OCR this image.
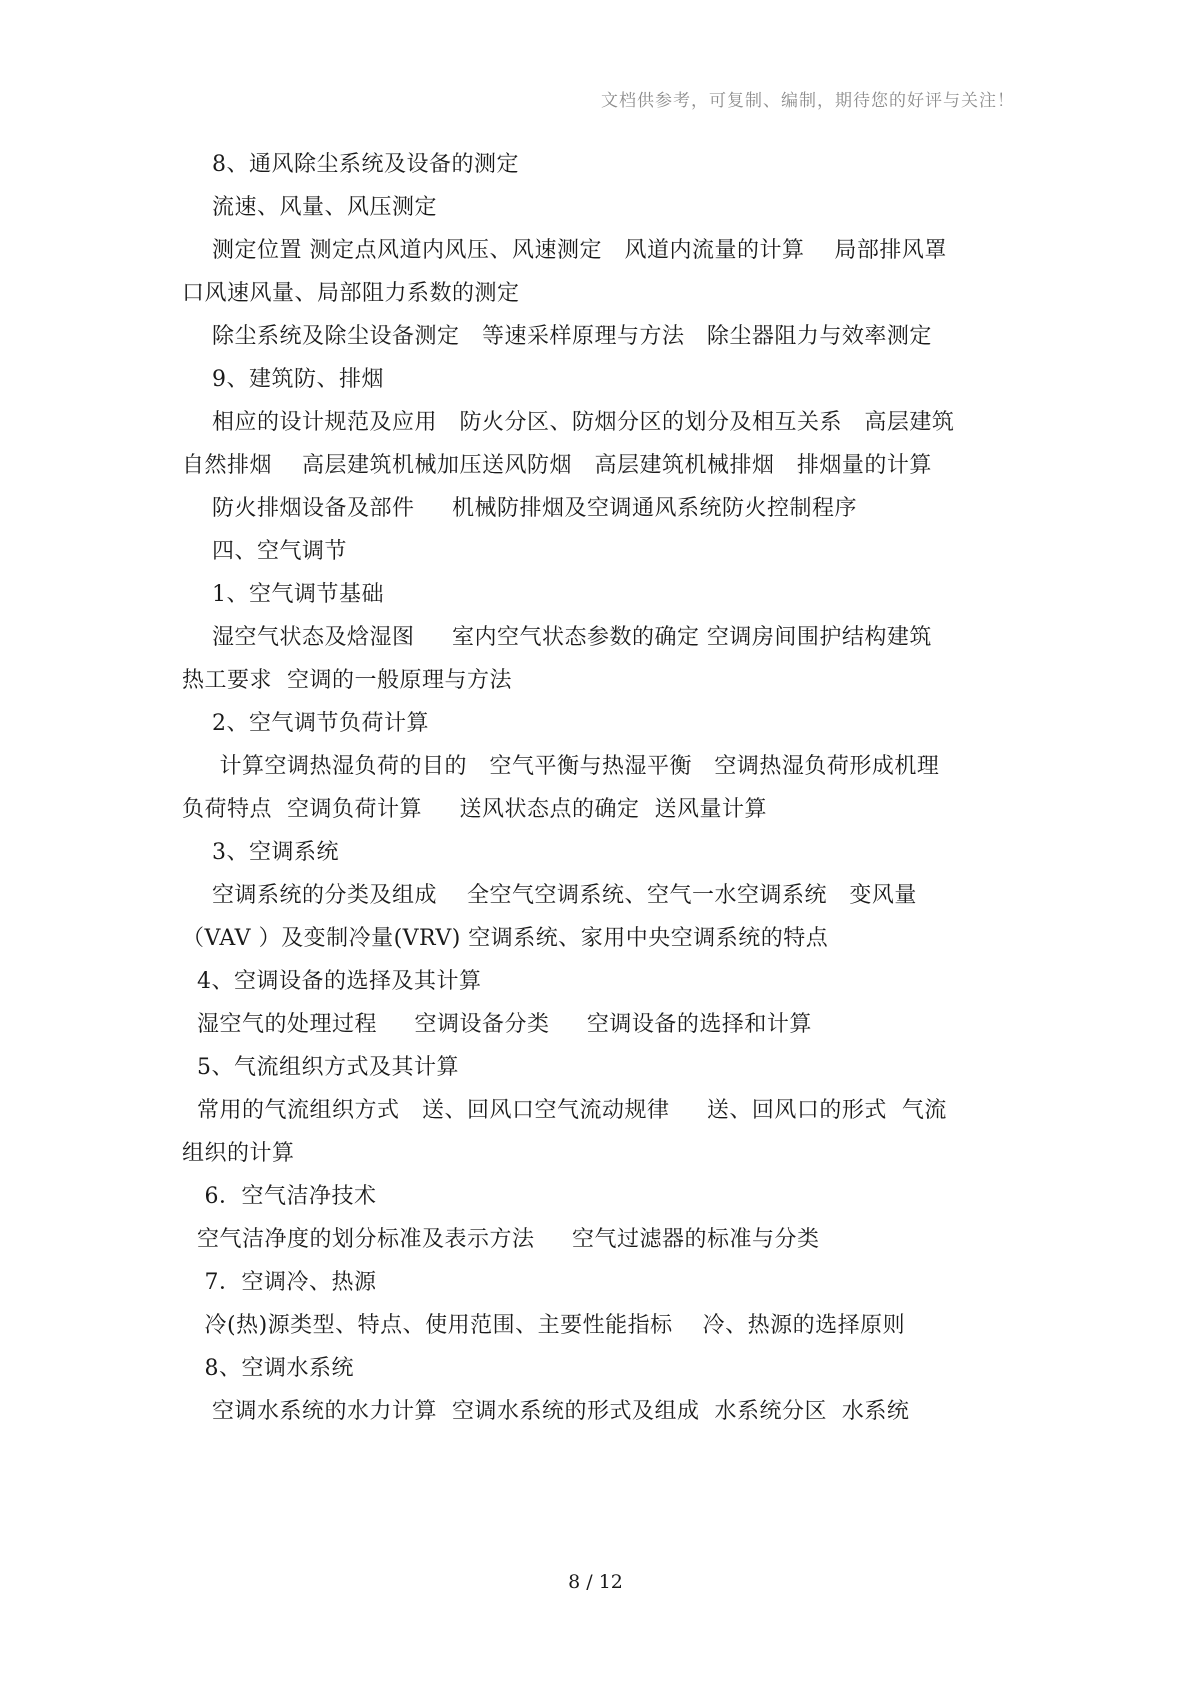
文档供参考，可复制、编制，期待您的好评与关注！
8、通风除尘系统及设备的测定
流速、风量、风压测定
测定位置 测定点风道内风压、风速测定   风道内流量的计算    局部排风罩
口风速风量、局部阻力系数的测定
除尘系统及除尘设备测定   等速采样原理与方法   除尘器阻力与效率测定
9、建筑防、排烟
相应的设计规范及应用   防火分区、防烟分区的划分及相互关系   高层建筑
自然排烟    高层建筑机械加压送风防烟   高层建筑机械排烟   排烟量的计算
防火排烟设备及部件     机械防排烟及空调通风系统防火控制程序
四、空气调节
1、空气调节基础
湿空气状态及焓湿图     室内空气状态参数的确定 空调房间围护结构建筑
热工要求  空调的一般原理与方法
2、空气调节负荷计算
计算空调热湿负荷的目的   空气平衡与热湿平衡   空调热湿负荷形成机理
负荷特点  空调负荷计算     送风状态点的确定  送风量计算
3、空调系统
空调系统的分类及组成    全空气空调系统、空气一水空调系统   变风量
（VAV ）及变制冷量(VRV) 空调系统、家用中央空调系统的特点
4、空调设备的选择及其计算
湿空气的处理过程     空调设备分类     空调设备的选择和计算
5、气流组织方式及其计算
常用的气流组织方式   送、回风口空气流动规律     送、回风口的形式  气流
组织的计算
6．空气洁净技术
空气洁净度的划分标准及表示方法     空气过滤器的标准与分类
7．空调冷、热源
冷(热)源类型、特点、使用范围、主要性能指标    冷、热源的选择原则
8、空调水系统
空调水系统的水力计算  空调水系统的形式及组成  水系统分区  水系统
8 / 12
